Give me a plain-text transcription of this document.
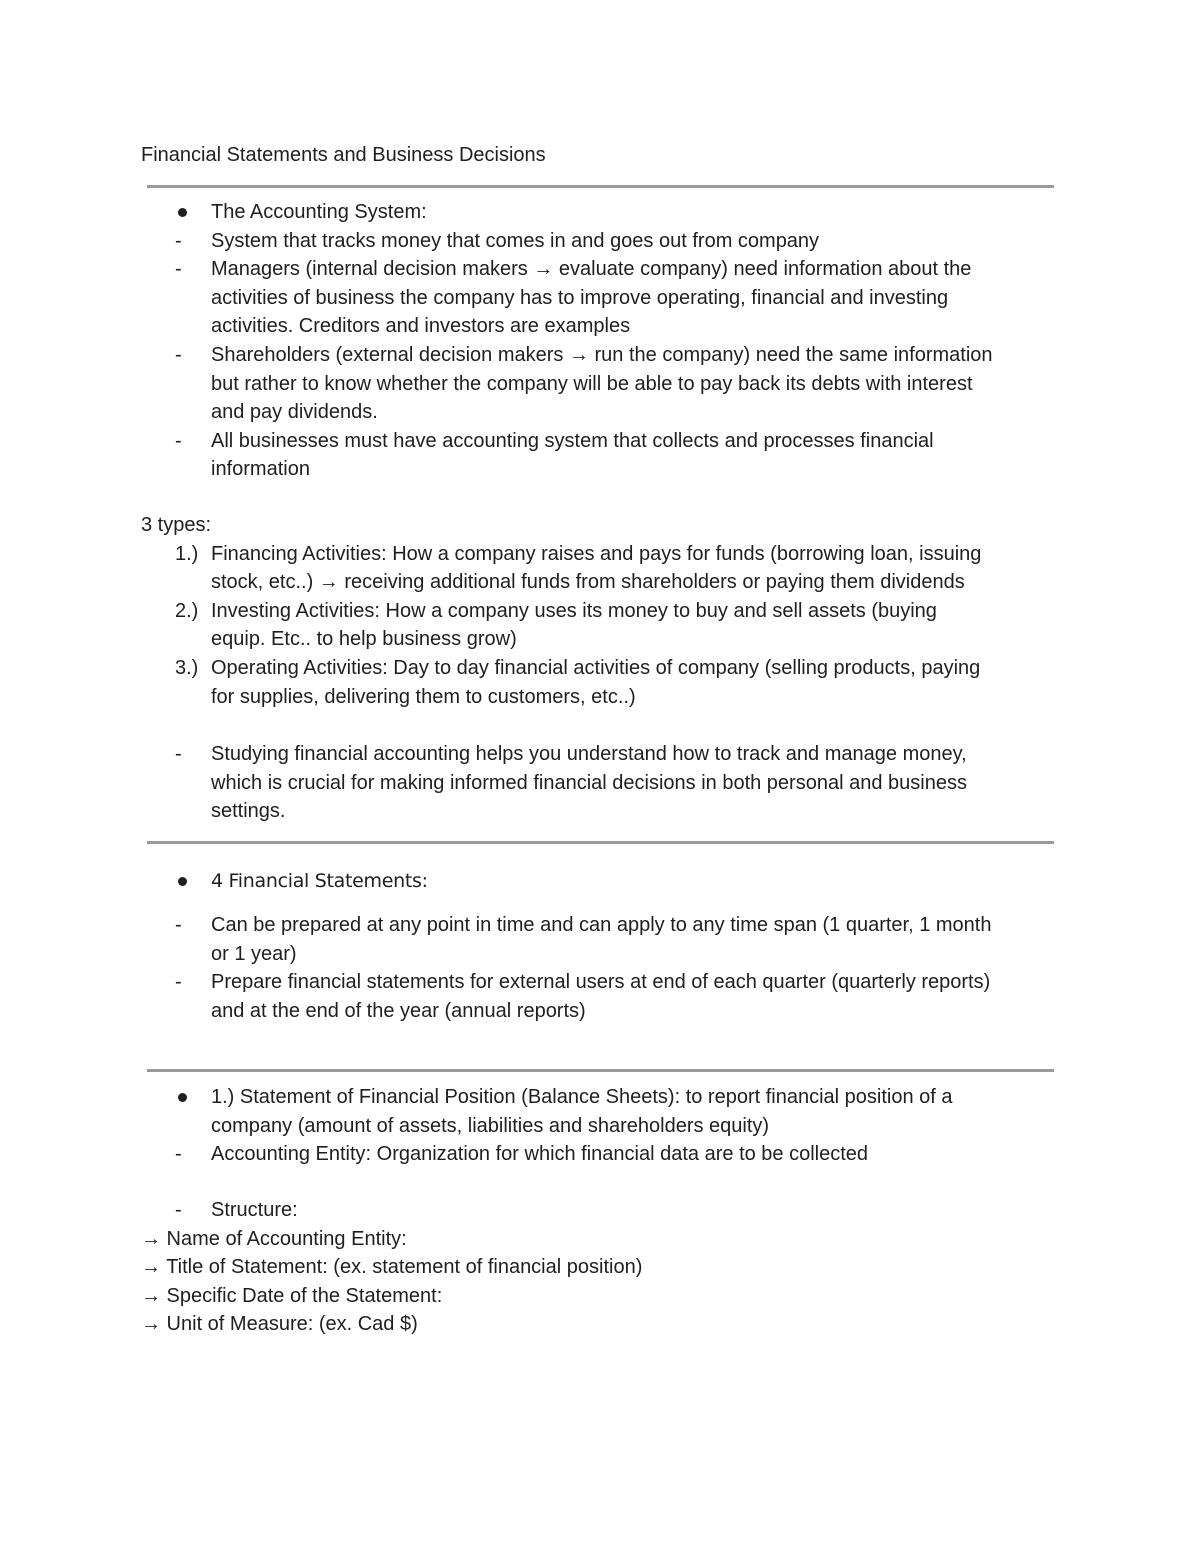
Financial Statements and Business Decisions
The Accounting System:
- System that tracks money that comes in and goes out from company
- Managers (internal decision makers → evaluate company) need information about the
activities of business the company has to improve operating, financial and investing
activities. Creditors and investors are examples
- Shareholders (external decision makers → run the company) need the same information
but rather to know whether the company will be able to pay back its debts with interest
and pay dividends.
- All businesses must have accounting system that collects and processes financial
information
3 types:
1.) Financing Activities: How a company raises and pays for funds (borrowing loan, issuing
stock, etc..) → receiving additional funds from shareholders or paying them dividends
2.) Investing Activities: How a company uses its money to buy and sell assets (buying
equip. Etc.. to help business grow)
3.) Operating Activities: Day to day financial activities of company (selling products, paying
for supplies, delivering them to customers, etc..)
- Studying financial accounting helps you understand how to track and manage money,
which is crucial for making informed financial decisions in both personal and business
settings.
4 Financial Statements:
- Can be prepared at any point in time and can apply to any time span (1 quarter, 1 month
or 1 year)
- Prepare financial statements for external users at end of each quarter (quarterly reports)
and at the end of the year (annual reports)
1.) Statement of Financial Position (Balance Sheets): to report financial position of a
company (amount of assets, liabilities and shareholders equity)
- Accounting Entity: Organization for which financial data are to be collected
- Structure:
→ Name of Accounting Entity:
→ Title of Statement: (ex. statement of financial position)
→ Specific Date of the Statement:
→ Unit of Measure: (ex. Cad $)
